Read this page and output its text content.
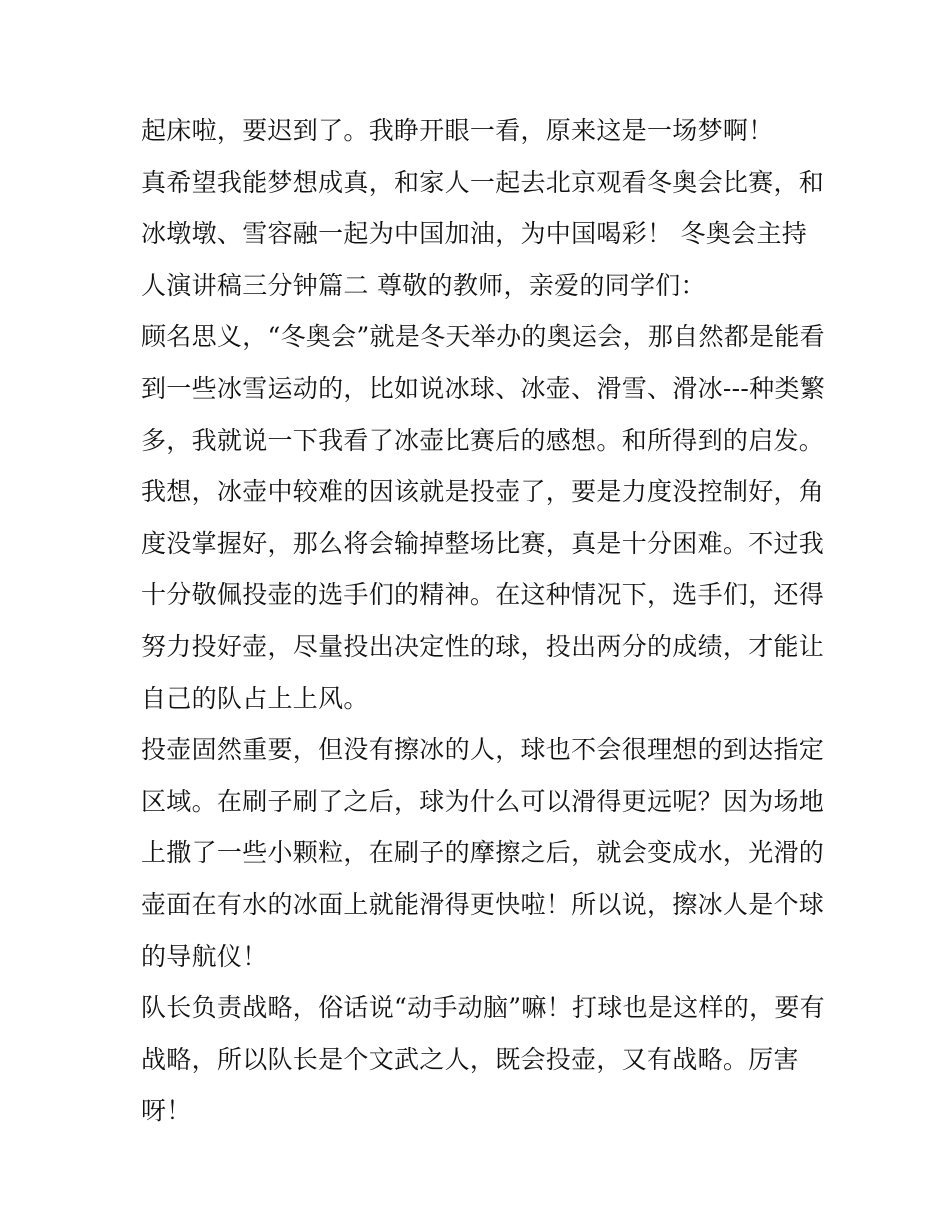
起床啦，要迟到了。我睁开眼一看，原来这是一场梦啊！
真希望我能梦想成真，和家人一起去北京观看冬奥会比赛，和
冰墩墩、雪容融一起为中国加油，为中国喝彩！ 冬奥会主持
人演讲稿三分钟篇二 尊敬的教师，亲爱的同学们：
顾名思义，“冬奥会”就是冬天举办的奥运会，那自然都是能看
到一些冰雪运动的，比如说冰球、冰壶、滑雪、滑冰---种类繁
多，我就说一下我看了冰壶比赛后的感想。和所得到的启发。
我想，冰壶中较难的因该就是投壶了，要是力度没控制好，角
度没掌握好，那么将会输掉整场比赛，真是十分困难。不过我
十分敬佩投壶的选手们的精神。在这种情况下，选手们，还得
努力投好壶，尽量投出决定性的球，投出两分的成绩，才能让
自己的队占上上风。
投壶固然重要，但没有擦冰的人，球也不会很理想的到达指定
区域。在刷子刷了之后，球为什么可以滑得更远呢？因为场地
上撒了一些小颗粒，在刷子的摩擦之后，就会变成水，光滑的
壶面在有水的冰面上就能滑得更快啦！所以说，擦冰人是个球
的导航仪！
队长负责战略，俗话说“动手动脑”嘛！打球也是这样的，要有
战略，所以队长是个文武之人，既会投壶，又有战略。厉害
呀！
